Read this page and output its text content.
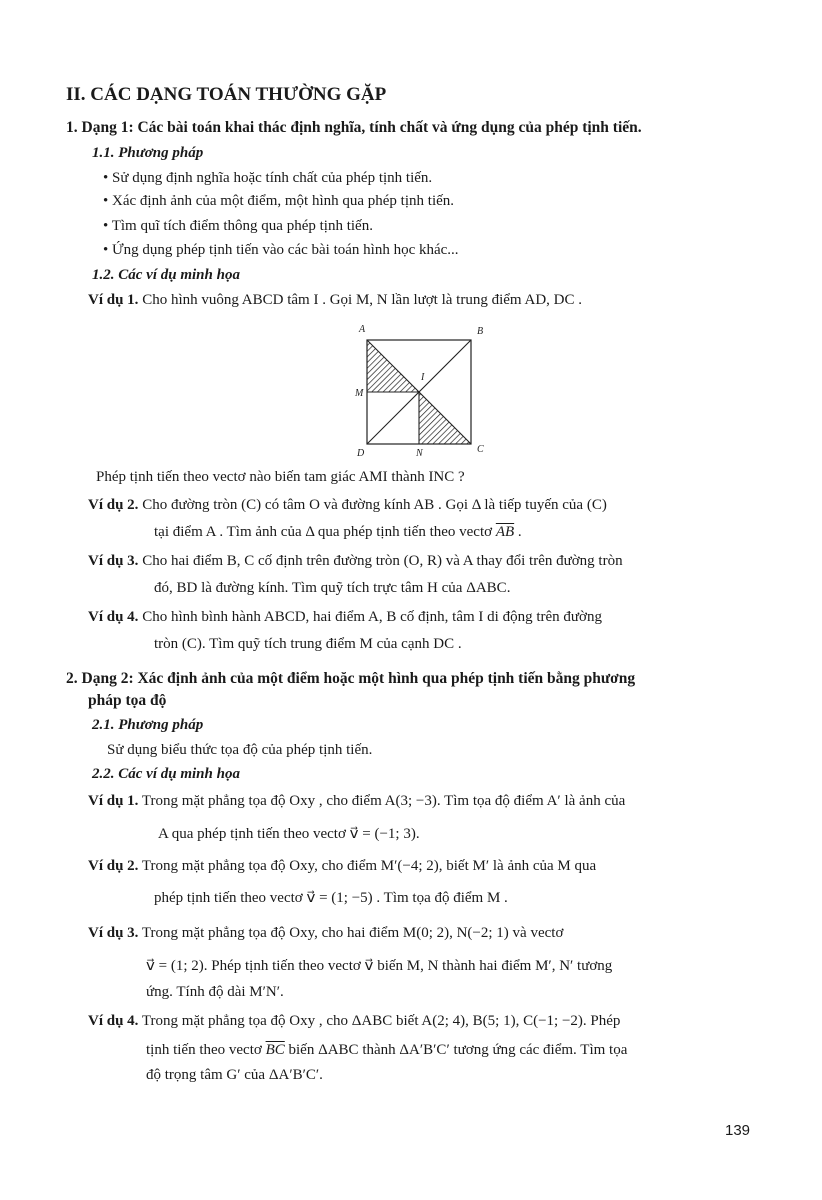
II. CÁC DẠNG TOÁN THƯỜNG GẶP
1. Dạng 1: Các bài toán khai thác định nghĩa, tính chất và ứng dụng của phép tịnh tiến.
1.1. Phương pháp
• Sử dụng định nghĩa hoặc tính chất của phép tịnh tiến.
• Xác định ảnh của một điểm, một hình qua phép tịnh tiến.
• Tìm quĩ tích điểm thông qua phép tịnh tiến.
• Ứng dụng phép tịnh tiến vào các bài toán hình học khác...
1.2. Các ví dụ minh họa
Ví dụ 1. Cho hình vuông ABCD tâm I . Gọi M, N lần lượt là trung điểm AD, DC .
A	B
C
D
M
N
I
Phép tịnh tiến theo vectơ nào biến tam giác AMI thành INC ?
Ví dụ 2. Cho đường tròn (C) có tâm O và đường kính AB . Gọi Δ là tiếp tuyến của (C)
tại điểm A . Tìm ảnh của Δ qua phép tịnh tiến theo vectơ $\overline{AB}$ .
Ví dụ 3. Cho hai điểm B, C cố định trên đường tròn (O, R) và A thay đổi trên đường tròn
đó, BD là đường kính. Tìm quỹ tích trực tâm H của ΔABC.
Ví dụ 4. Cho hình bình hành ABCD, hai điểm A, B cố định, tâm I di động trên đường
tròn (C). Tìm quỹ tích trung điểm M của cạnh DC .
2. Dạng 2: Xác định ảnh của một điểm hoặc một hình qua phép tịnh tiến bằng phương
pháp tọa độ
2.1. Phương pháp
Sử dụng biểu thức tọa độ của phép tịnh tiến.
2.2. Các ví dụ minh họa
Ví dụ 1. Trong mặt phẳng tọa độ Oxy , cho điểm A(3; −3). Tìm tọa độ điểm A′ là ảnh của
A qua phép tịnh tiến theo vectơ v⃗ = (−1; 3).
Ví dụ 2. Trong mặt phẳng tọa độ Oxy, cho điểm M′(−4; 2), biết M′ là ảnh của M qua
phép tịnh tiến theo vectơ v⃗ = (1; −5) . Tìm tọa độ điểm M .
Ví dụ 3. Trong mặt phẳng tọa độ Oxy, cho hai điểm M(0; 2), N(−2; 1) và vectơ
v⃗ = (1; 2). Phép tịnh tiến theo vectơ v⃗ biến M, N thành hai điểm M′, N′ tương
ứng. Tính độ dài M′N′.
Ví dụ 4. Trong mặt phẳng tọa độ Oxy , cho ΔABC biết A(2; 4), B(5; 1), C(−1; −2). Phép
tịnh tiến theo vectơ $\overline{BC}$ biến ΔABC thành ΔA′B′C′ tương ứng các điểm. Tìm tọa
độ trọng tâm G′ của ΔA′B′C′.
139
